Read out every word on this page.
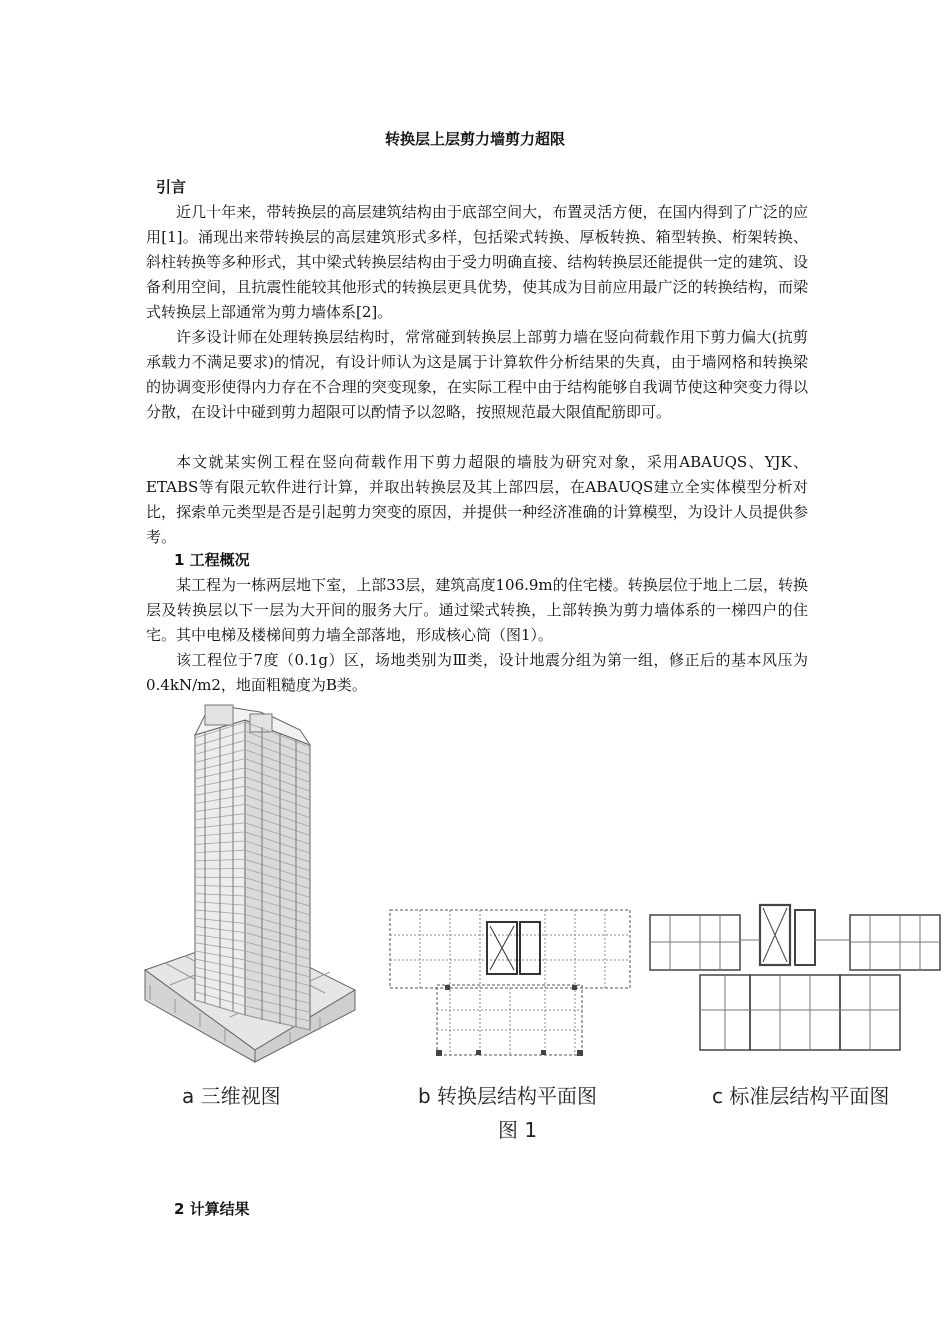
转换层上层剪力墙剪力超限
引言

近几十年来，带转换层的高层建筑结构由于底部空间大，布置灵活方便，在国内得到了广泛的应用[1]。涌现出来带转换层的高层建筑形式多样，包括梁式转换、厚板转换、箱型转换、桁架转换、斜柱转换等多种形式，其中梁式转换层结构由于受力明确直接、结构转换层还能提供一定的建筑、设备利用空间，且抗震性能较其他形式的转换层更具优势，使其成为目前应用最广泛的转换结构，而梁式转换层上部通常为剪力墙体系[2]。

许多设计师在处理转换层结构时，常常碰到转换层上部剪力墙在竖向荷载作用下剪力偏大(抗剪承载力不满足要求)的情况，有设计师认为这是属于计算软件分析结果的失真，由于墙网格和转换梁的协调变形使得内力存在不合理的突变现象，在实际工程中由于结构能够自我调节使这种突变力得以分散，在设计中碰到剪力超限可以酌情予以忽略，按照规范最大限值配筋即可。

本文就某实例工程在竖向荷载作用下剪力超限的墙肢为研究对象，采用ABAUQS、YJK、ETABS等有限元软件进行计算，并取出转换层及其上部四层，在ABAUQS建立全实体模型分析对比，探索单元类型是否是引起剪力突变的原因，并提供一种经济准确的计算模型，为设计人员提供参考。

1 工程概况

某工程为一栋两层地下室，上部33层，建筑高度106.9m的住宅楼。转换层位于地上二层，转换层及转换层以下一层为大开间的服务大厅。通过梁式转换，上部转换为剪力墙体系的一梯四户的住宅。其中电梯及楼梯间剪力墙全部落地，形成核心筒（图1）。

该工程位于7度（0.1g）区，场地类别为Ⅲ类，设计地震分组为第一组，修正后的基本风压为0.4kN/m2，地面粗糙度为B类。

a 三维视图	b 转换层结构平面图	c 标准层结构平面图
图 1
2 计算结果
